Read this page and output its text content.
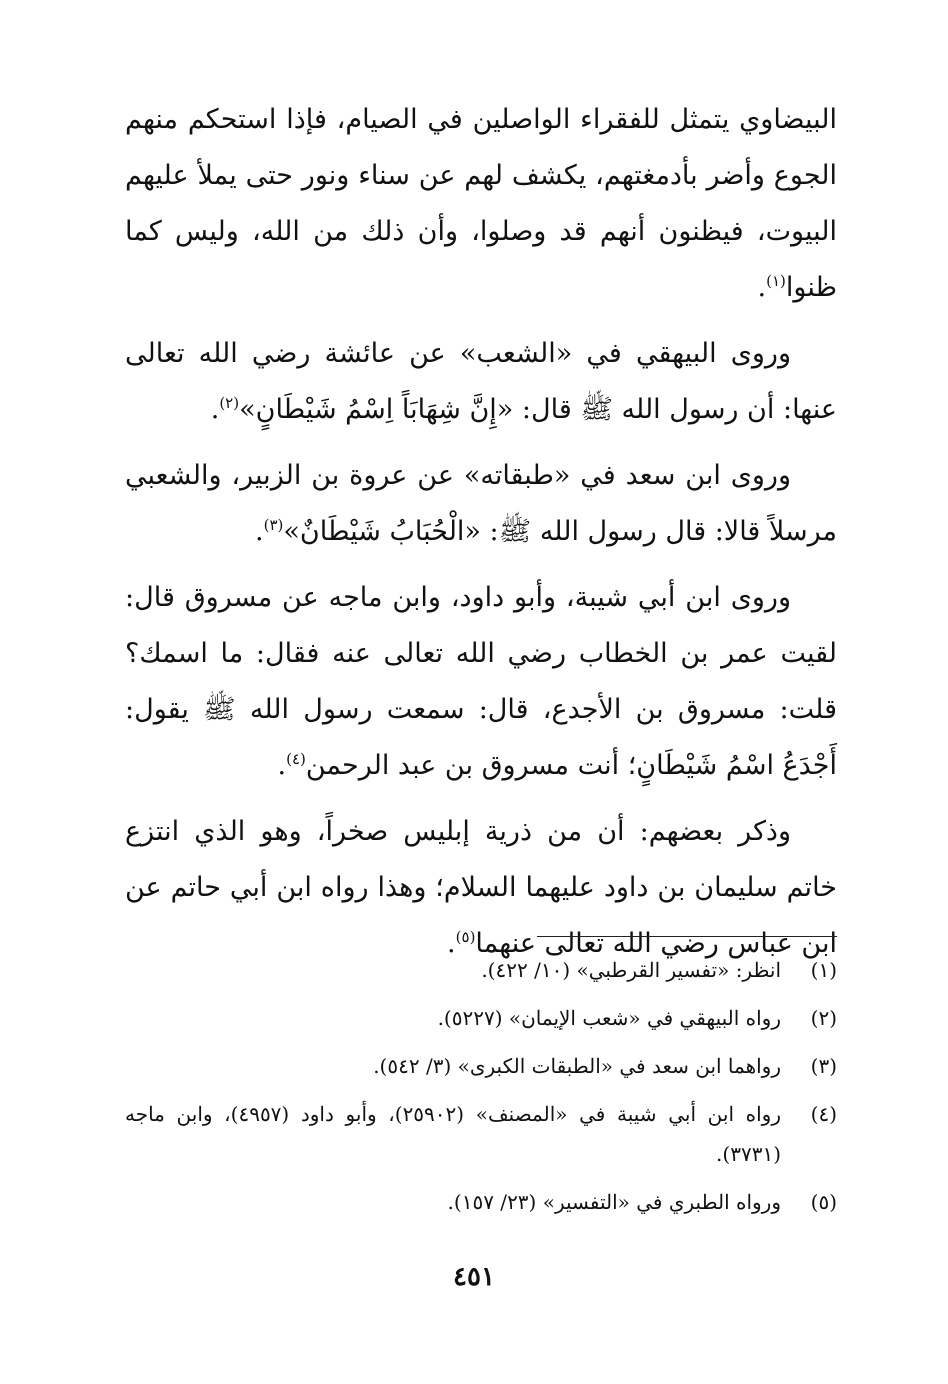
البيضاوي يتمثل للفقراء الواصلين في الصيام، فإذا استحكم منهم الجوع وأضر بأدمغتهم، يكشف لهم عن سناء ونور حتى يملأ عليهم البيوت، فيظنون أنهم قد وصلوا، وأن ذلك من الله، وليس كما ظنوا$^{(١)}$.

وروى البيهقي في «الشعب» عن عائشة رضي الله تعالى عنها: أن رسول الله ﷺ قال: «إِنَّ شِهَابَاً اِسْمُ شَيْطَانٍ»$^{(٢)}$.

وروى ابن سعد في «طبقاته» عن عروة بن الزبير، والشعبي مرسلاً قالا: قال رسول الله ﷺ: «الْحُبَابُ شَيْطَانٌ»$^{(٣)}$.

وروى ابن أبي شيبة، وأبو داود، وابن ماجه عن مسروق قال: لقيت عمر بن الخطاب رضي الله تعالى عنه فقال: ما اسمك؟ قلت: مسروق بن الأجدع، قال: سمعت رسول الله ﷺ يقول: أَجْدَعُ اسْمُ شَيْطَانٍ؛ أنت مسروق بن عبد الرحمن$^{(٤)}$.

وذكر بعضهم: أن من ذرية إبليس صخراً، وهو الذي انتزع خاتم سليمان بن داود عليهما السلام؛ وهذا رواه ابن أبي حاتم عن ابن عباس رضي الله تعالى عنهما$^{(٥)}$.

(١)
انظر: «تفسير القرطبي» (١٠/ ٤٢٢).
(٢)
رواه البيهقي في «شعب الإيمان» (٥٢٢٧).
(٣)
رواهما ابن سعد في «الطبقات الكبرى» (٣/ ٥٤٢).
(٤)
رواه ابن أبي شيبة في «المصنف» (٢٥٩٠٢)، وأبو داود (٤٩٥٧)، وابن ماجه (٣٧٣١).
(٥)
ورواه الطبري في «التفسير» (٢٣/ ١٥٧).
٤٥١
